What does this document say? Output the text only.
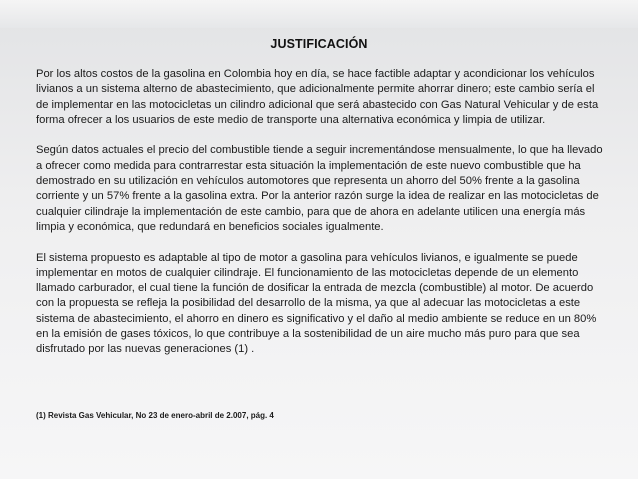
JUSTIFICACIÓN

Por los altos costos de la gasolina en Colombia hoy en día, se hace factible adaptar y acondicionar los vehículos livianos a un sistema alterno de abastecimiento, que adicionalmente permite ahorrar dinero; este cambio sería el de implementar en las motocicletas un cilindro adicional que será abastecido con Gas Natural Vehicular y de esta forma ofrecer a los usuarios de este medio de transporte una alternativa económica y limpia de utilizar.

Según datos actuales el precio del combustible tiende a seguir incrementándose mensualmente, lo que ha llevado a ofrecer como medida para contrarrestar esta situación la implementación de este nuevo combustible que ha demostrado en su utilización en vehículos automotores que representa un ahorro del 50% frente a la gasolina corriente y un 57% frente a la gasolina extra. Por la anterior razón surge la idea de realizar en las motocicletas de cualquier cilindraje la implementación de este cambio, para que de ahora en adelante utilicen una energía más limpia y económica, que redundará en beneficios sociales igualmente.

El sistema propuesto es adaptable al tipo de motor a gasolina para vehículos livianos, e igualmente se puede implementar en motos de cualquier cilindraje. El funcionamiento de las motocicletas depende de un elemento llamado carburador, el cual tiene la función de dosificar la entrada de mezcla (combustible) al motor. De acuerdo con la propuesta se refleja la posibilidad del desarrollo de la misma, ya que al adecuar las motocicletas a este sistema de abastecimiento, el ahorro en dinero es significativo y el daño al medio ambiente se reduce en un 80% en la emisión de gases tóxicos, lo que contribuye a la sostenibilidad de un aire mucho más puro para que sea disfrutado por las nuevas generaciones (1) .

(1) Revista Gas Vehicular, No 23 de enero-abril de 2.007, pág. 4
